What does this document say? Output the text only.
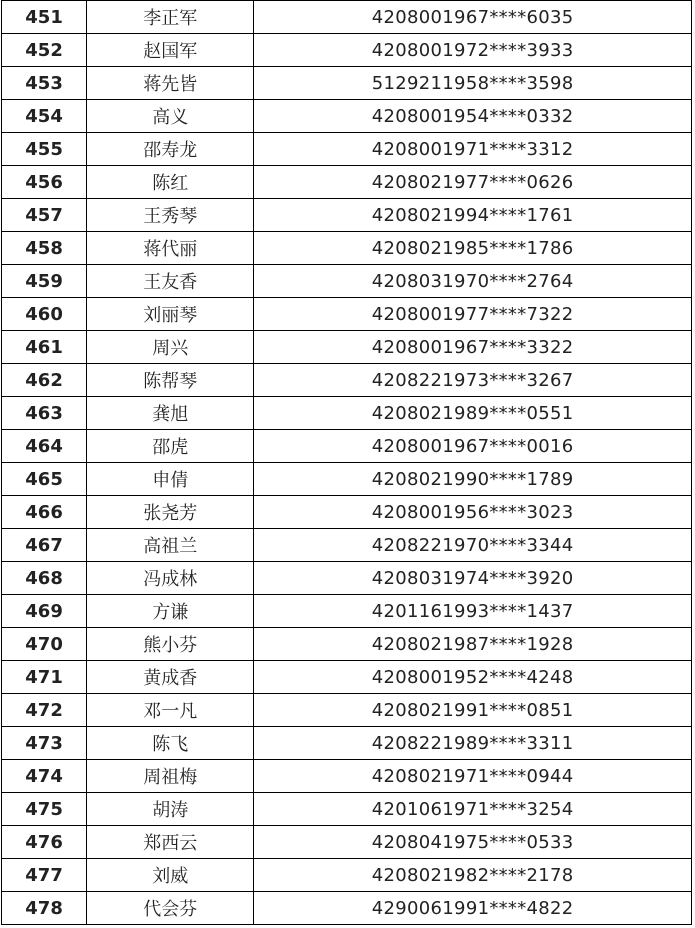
451	李正军	4208001967****6035
452	赵国军	4208001972****3933
453	蒋先皆	5129211958****3598
454	高义	4208001954****0332
455	邵寿龙	4208001971****3312
456	陈红	4208021977****0626
457	王秀琴	4208021994****1761
458	蒋代丽	4208021985****1786
459	王友香	4208031970****2764
460	刘丽琴	4208001977****7322
461	周兴	4208001967****3322
462	陈帮琴	4208221973****3267
463	龚旭	4208021989****0551
464	邵虎	4208001967****0016
465	申倩	4208021990****1789
466	张尧芳	4208001956****3023
467	高祖兰	4208221970****3344
468	冯成林	4208031974****3920
469	方谦	4201161993****1437
470	熊小芬	4208021987****1928
471	黄成香	4208001952****4248
472	邓一凡	4208021991****0851
473	陈飞	4208221989****3311
474	周祖梅	4208021971****0944
475	胡涛	4201061971****3254
476	郑西云	4208041975****0533
477	刘威	4208021982****2178
478	代会芬	4290061991****4822
